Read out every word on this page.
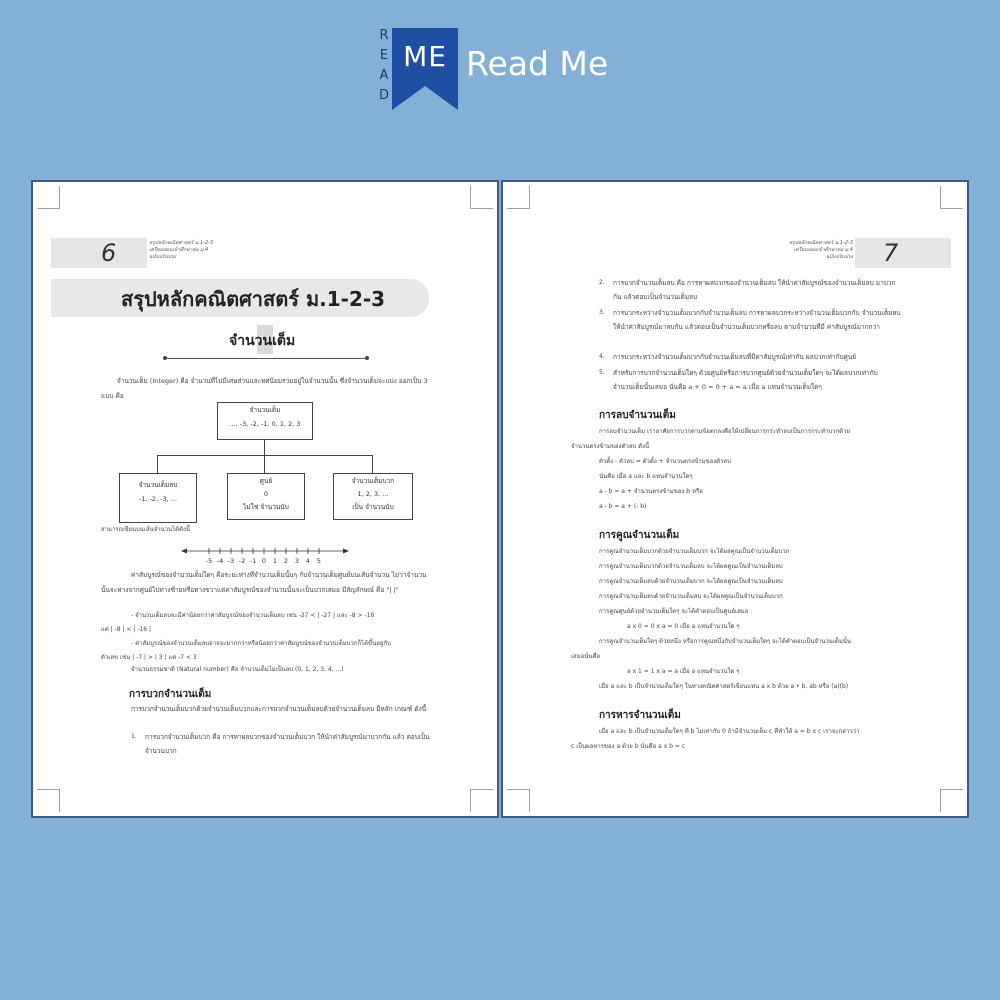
R
E
A
D
ME Read Me
6	สรุปหลักคณิตศาสตร์ ม.1-2-3
เตรียมสอบเข้าศึกษาต่อ ม.4
ฉบับปรับปรุง
สรุปหลักคณิตศาสตร์ ม.1-2-3
จำนวนเต็ม
จำนวนเต็ม (Integer) คือ จำนวนที่ไม่มีเศษส่วนและทศนิยมรวมอยู่ในจำนวนนั้น ซึ่งจำนวนเต็มจะแบ่ง ออกเป็น 3 แบบ คือ
จำนวนเต็ม
..., -3, -2, -1, 0, 1, 2, 3
จำนวนเต็มลบ
-1, -2, -3, ...
ศูนย์
0
ไม่ใช่ จำนวนนับ
จำนวนเต็มบวก
1, 2, 3, ...
เป็น จำนวนนับ
สามารถเขียนบนเส้นจำนวนได้ดังนี้
-5 -4 -3 -2 -1 0 1 2 3 4 5
ค่าสัมบูรณ์ของจำนวนเต็มใดๆ คือระยะห่างที่จำนวนเต็มนั้นๆ กับจำนวนเต็มศูนย์บนเส้นจำนวน ไม่ว่าจำนวนนั้นจะห่างจากศูนย์ไปทางซ้ายหรือทางขวาแต่ค่าสัมบูรณ์ของจำนวนนั้นจะเป็นบวกเสมอ มีสัญลักษณ์ คือ "| |"
- จำนวนเต็มลบจะมีค่าน้อยกว่าค่าสัมบูรณ์ของจำนวนเต็มลบ เช่น -27 < | -27 | และ -8 > -16
แต่ | -8 | < | -16 |
- ค่าสัมบูรณ์ของจำนวนเต็มลบอาจจะมากกว่าหรือน้อยกว่าค่าสัมบูรณ์ของจำนวนเต็มบวกก็ได้ขึ้นอยู่กับ
ตัวเลข เช่น | -7 | > | 3 | แต่ -7 < 3
จำนวนธรรมชาติ (Natural number) คือ จำนวนเต็มไม่เป็นลบ (0, 1, 2, 3, 4, ...)
การบวกจำนวนเต็ม
การบวกจำนวนเต็มบวกด้วยจำนวนเต็มบวกและการบวกจำนวนเต็มลบด้วยจำนวนเต็มลบ มีหลัก เกณฑ์ ดังนี้
1. การบวกจำนวนเต็มบวก คือ การหาผลบวกของจำนวนเต็มบวก ให้นำค่าสัมบูรณ์มาบวกกัน แล้ว ตอบเป็นจำนวนบวก
สรุปหลักคณิตศาสตร์ ม.1-2-3
เตรียมสอบเข้าศึกษาต่อ ม.4
ฉบับปรับปรุง 7
2. การบวกจำนวนเต็มลบ คือ การหาผลบวกของจำนวนเต็มลบ ให้นำค่าสัมบูรณ์ของจำนวนเต็มลบ มาบวกกัน แล้วตอบเป็นจำนวนเต็มลบ
3. การบวกระหว่างจำนวนเต็มบวกกับจำนวนเต็มลบ การหาผลบวกระหว่างจำนวนเต็มบวกกับ จำนวนเต็มลบ ให้นำค่าสัมบูรณ์มาลบกัน แล้วตอบเป็นจำนวนเต็มบวกหรือลบ ตามจำนวนที่มี ค่าสัมบูรณ์มากกว่า
4. การบวกระหว่างจำนวนเต็มบวกกับจำนวนเต็มลบที่มีค่าสัมบูรณ์เท่ากัน ผลบวกเท่ากับศูนย์
5. สำหรับการบวกจำนวนเต็มใดๆ ด้วยศูนย์หรือการบวกศูนย์ด้วยจำนวนเต็มใดๆ จะได้ผลบวกเท่ากับ จำนวนเต็มนั้นเสมอ นั่นคือ a + 0 = 0 + a = a เมื่อ a แทนจำนวนเต็มใดๆ
การลบจำนวนเต็ม
การลบจำนวนเต็ม เราอาศัยการบวกตามข้อตกลงคือให้เปลี่ยนการกระทำลบเป็นการกระทำบวกด้วย
จำนวนตรงข้ามของตัวลบ ดังนี้
ตัวตั้ง - ตัวลบ = ตัวตั้ง + จำนวนตรงข้ามของตัวลบ
นั่นคือ เมื่อ a และ b แทนจำนวนใดๆ
a - b = a + จำนวนตรงข้ามของ b หรือ
a - b = a + (- b)
การคูณจำนวนเต็ม
การคูณจำนวนเต็มบวกด้วยจำนวนเต็มบวก จะได้ผลคูณเป็นจำนวนเต็มบวก
การคูณจำนวนเต็มบวกด้วยจำนวนเต็มลบ จะได้ผลคูณเป็นจำนวนเต็มลบ
การคูณจำนวนเต็มลบด้วยจำนวนเต็มบวก จะได้ผลคูณเป็นจำนวนเต็มลบ
การคูณจำนวนเต็มลบด้วยจำนวนเต็มลบ จะได้ผลคูณเป็นจำนวนเต็มบวก
การคูณศูนย์ด้วยจำนวนเต็มใดๆ จะได้คำตอบเป็นศูนย์เสมอ
a x 0 = 0 x a = 0 เมื่อ a แทนจำนวนใด ๆ
การคูณจำนวนเต็มใดๆ ด้วยหนึ่ง หรือการคูณหนึ่งกับจำนวนเต็มใดๆ จะได้คำตอบเป็นจำนวนเต็มนั้น
เสมอนั่นคือ
a x 1 = 1 x a = a เมื่อ a แทนจำนวนใด ๆ
เมื่อ a และ b เป็นจำนวนเต็มใดๆ ในทางคณิตศาสตร์เขียนแทน a x b ด้วย a • b, ab หรือ (a)(b)
การหารจำนวนเต็ม
เมื่อ a และ b เป็นจำนวนเต็มใดๆ ที่ b ไม่เท่ากับ 0 ถ้ามีจำนวนเต็ม c ที่ทำให้ a = b x c เราจะกล่าวว่า
c เป็นผลหารของ a ด้วย b นั่นคือ a x b = c
